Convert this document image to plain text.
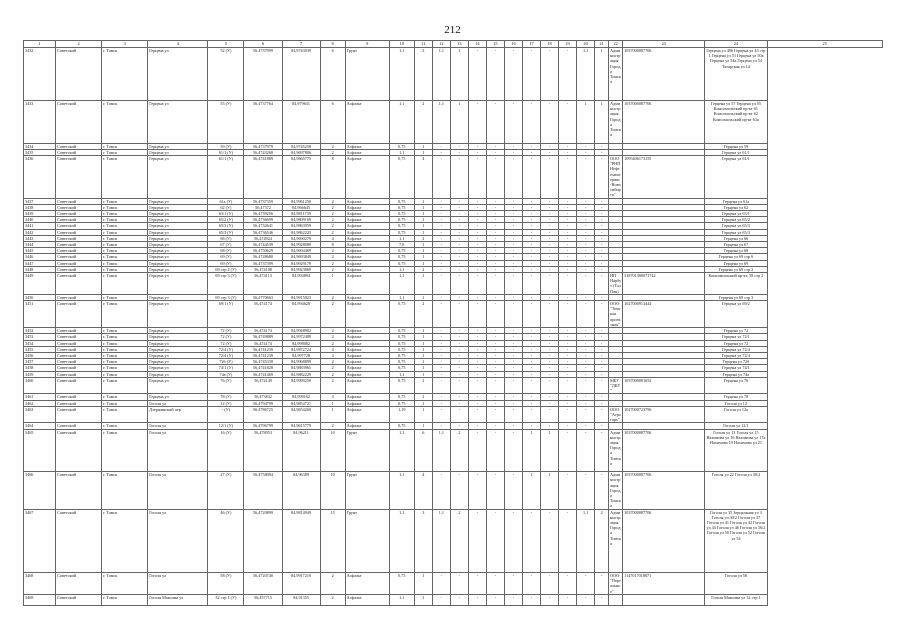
212
1	2	3	4	5	6	7	8	9	10	11	12	13	14	15	16	17	18	19	20	21	22	23	24	25
3432	Советский	г. Томск	Герцена ул	52 (У)	56,4737999	84,9743039	6	Грунт	1,1	3	1,1	1	-	-	-	-	-	-	1,1	1	Администрация Города Томска	1037000087706	Герцена ул 49б Герцена ул 43 стр 1 Герцена ул 51 Герцена ул 50а Герцена ул 54а Герцена ул 54 Татарская ул 14	
3433	Советский	г. Томск	Герцена ул	55 (У)	56,4737764	84,979631	6	Асфальт	1,1	2	1,1	1	-	-	-	-	-	-	1	1	Администрация Города Томска	1037000087706	Герцена ул 57 Герцена ул 55 Комсомольский пр-кт 61 Комсомольский пр-кт 62 Комсомольский пр-кт 63а	
3434	Советский	г. Томск	Герцена ул	59 (У)	56,4737979	84,9745258	2	Асфальт	0,75	1	-	-	-	-	-	-	-	-	-	-			Герцена ул 59	
3435	Советский	г. Томск	Герцена ул	61/1 (У)	56,4743268	84,9697806	2	Асфальт	1,1	1	-	-	-	-	-	-	-	-	-	-			Герцена ул 61/1	
3436	Советский	г. Томск	Герцена ул	61/1 (У)	56,4741889	84,9665775	8	Асфальт	0,75	4	-	-	-	-	-	-	-	-	-	-	ООО "РНП Нефтехимсервис-Новосибирск"	1095406173155	Герцена ул 61/1	
3437	Советский	г. Томск	Герцена ул	61а (У)	56,4737359	84,9961250	2	Асфальт	0,75	1	-	-	-	-	-	-	-	-	-	-			Герцена ул 61а	
3438	Советский	г. Томск	Герцена ул	62 (У)	56,47372	84,966645	2	Асфальт	0,75	1	-	-	-	-	-	-	-	-	-	-			Герцена ул 62	
3439	Советский	г. Томск	Герцена ул	63/1 (У)	56,4739256	84,9811739	2	Асфальт	0,75	1	-	-	-	-	-	-	-	-	-	-			Герцена ул 63/1	
3440	Советский	г. Томск	Герцена ул	65/2 (У)	56,4736699	84,9809169	2	Асфальт	0,75	1	-	-	-	-	-	-	-	-	-	-			Герцена ул 65/2	
3441	Советский	г. Томск	Герцена ул	65/3 (У)	56,4732641	84,9863959	2	Асфальт	0,75	1	-	-	-	-	-	-	-	-	-	-			Герцена ул 65/3	
3442	Советский	г. Томск	Герцена ул	65/3 (У)	56,4736546	84,9862223	2	Асфальт	0,75	1	-	-	-	-	-	-	-	-	-	-			Герцена ул 65/3	
3443	Советский	г. Томск	Герцена ул	66 (У)	56,474924	84,9690279	4	Асфальт	1,1	2	-	-	-	-	-	-	-	-	-	-			Герцена ул 66	
3444	Советский	г. Томск	Герцена ул	67 (У)	56,4744539	84,9928089	8	Асфальт	7,8	1	-	-	-	-	-	-	-	-	-	-			Герцена ул 67	
3445	Советский	г. Томск	Герцена ул	68 (У)	56,4750629	84,9694469	2	Асфальт	0,75	1	-	-	-	-	-	-	-	-	-	-			Герцена ул 68	
3446	Советский	г. Томск	Герцена ул	69 (У)	56,4748680	84,9693849	2	Асфальт	0,75	1	-	-	-	-	-	-	-	-	-	-			Герцена ул 69 стр 6	
3447	Советский	г. Томск	Герцена ул	69 (У)	56,4737399	84,9929179	2	Асфальт	0,75	1	-	-	-	-	-	-	-	-	-	-			Герцена ул 69	
3448	Советский	г. Томск	Герцена ул	69 стр 2 (У)	56,474108	84,9923869	2	Асфальт	1,1	2	-	-	-	-	-	-	-	-	-	-			Герцена ул 69 стр 2	
3449	Советский	г. Томск	Герцена ул	69 стр 3 (У)	56,474113	84,994894	1	Асфальт	1,1	1	-	-	-	-	-	-	-	-	-	-	ИП Нарбут (Тол Пан)	318701300071742	Комсомольский пр-кт, 58 стр 2	
3450	Советский	г. Томск	Герцена ул	69 стр 3 (У)	56,4770663	84,9915823	2	Асфальт	1,1	1	-	-	-	-	-	-	-	-	-	-			Герцена ул 69 стр 3	
3451	Советский	г. Томск	Герцена ул	69/1 (У)	56,474174	84,994628	2	Асфальт	0,75	2	-	-	-	-	-	-	-	-	-	-	ООО "Томская проектная"	1027000913444	Герцена ул 69/2	
3452	Советский	г. Томск	Герцена ул	72 (У)	56,474174	84,9948902	2	Асфальт	0,75	1	-	-	-	-	-	-	-	-	-	-			Герцена ул 72	
3453	Советский	г. Томск	Герцена ул	72 (У)	56,4749889	84,9972489	2	Асфальт	0,75	1	-	-	-	-	-	-	-	-	-	-			Герцена ул 72/1	
3454	Советский	г. Томск	Герцена ул	72 (У)	56,474174	84,998082	2	Асфальт	0,75	1	-	-	-	-	-	-	-	-	-	-			Герцена ул 72	
3455	Советский	г. Томск	Герцена ул	72/4 (У)	56,4741239	84,9872724	4	Асфальт	0,75	1	-	-	-	-	-	-	-	-	-	-			Герцена ул 72/4	
3456	Советский	г. Томск	Герцена ул	72/4 (У)	56,4741239	84,997728	4	Асфальт	0,75	1	-	-	-	-	-	-	-	-	-	-			Герцена ул 72/4	
3457	Советский	г. Томск	Герцена ул	72б (У)	56,4745339	84,9968899	2	Асфальт	0,75	1	-	-	-	-	-	-	-	-	-	-			Герцена ул 72б	
3458	Советский	г. Томск	Герцена ул	74/1 (У)	56,4741828	84,9883965	2	Асфальт	0,75	1	-	-	-	-	-	-	-	-	-	-			Герцена ул 74/1	
3459	Советский	г. Томск	Герцена ул	74а (У)	56,4741469	84,9882229	2	Асфальт	1,1	1	-	-	-	-	-	-	-	-	-	-			Герцена ул 74а	
3460	Советский	г. Томск	Герцена ул	76 (У)	56,474149	84,9999250	2	Асфальт	0,75	2	-	-	-	-	-	-	-	-	-	-	МБУ "ДКУ"	1037000091652	Герцена ул 76	
3461	Советский	г. Томск	Герцена ул	78 (У)	56,473832	84,999162	4	Асфальт	0,75	2	-	-	-	-	-	-	-	-	-	-			Герцена ул 78	
3462	Советский	г. Томск	Гоголя ул	12 (У)	56,4794799	84,9854721	1	Асфальт	0,75	1	-	-	-	-	-	-	-	-	-	-			Гоголя ул 12	
3463	Советский	г. Томск	Дзержинский пер	- (У)	56,4786725	84,9654260	1	Асфальт	1,19	1	-	-	-	-	-	-	-	-	-	-	ООО "Агрогарх"	1027000723796	Гоголя ул 12а	
3464	Советский	г. Томск	Гоголя ул	12/1 (У)	56,4796799	84,9615779	2	Асфальт	0,75	1	-	-	-	-	-	-	-	-	-	-			Гоголя ул 12/1	
3465	Советский	г. Томск	Гоголя ул	16 (У)	56,478053	84,96211	10	Грунт	1,1	6	1,1	2	-	-	-	1	1	-	-	-	Администрация Города Томска	1037000087706	Гоголя ул 13 Гоголя ул 15 Нахимова ул 16 Нахимова ул 17а Нахимова 19 Нахимова ул 21	
3466	Советский	г. Томск	Гоголя ул	27 (У)	56,4758094	84,96389	10	Грунт	1,1	4	-	-	-	-	-	1	1	-	-	-	Администрация Города Томска	1037000087706	Гоголя ул 22 Гоголя ул 30/2	
3467	Советский	г. Томск	Гоголя ул	46 (У)	56,4720899	84,9814949	15	Грунт	1,1	3	1,1	2	-	-	-	-	-	-	1,1	2	Администрация Города Томска	1037000087706	Гоголя ул 35 Зерцальная ул 3 Гоголя ул 30/2 Гоголя ул 37 Гоголя ул 41 Гоголя ул 42 Гоголя ул 44 Гоголя ул 46 Гоголя ул 36/2 Гоголя ул 50 Гоголя ул 52 Гоголя ул 54	
3468	Советский	г. Томск	Гоголя ул	58 (У)	56,4720740	84,9917210	2	Асфальт	0,75	1	-	-	-	-	-	-	-	-	-	-	ООО "Портальное"	1147017018871	Гоголя ул 58	
3469	Советский	г. Томск	Гоголя Максима ул	32 стр 1 (У)	56,457715	84,91355	2	Асфальт	1,1	1	-	-	-	-	-	-	-	-	-	-			Гоголя Максима ул 32 стр 1	
